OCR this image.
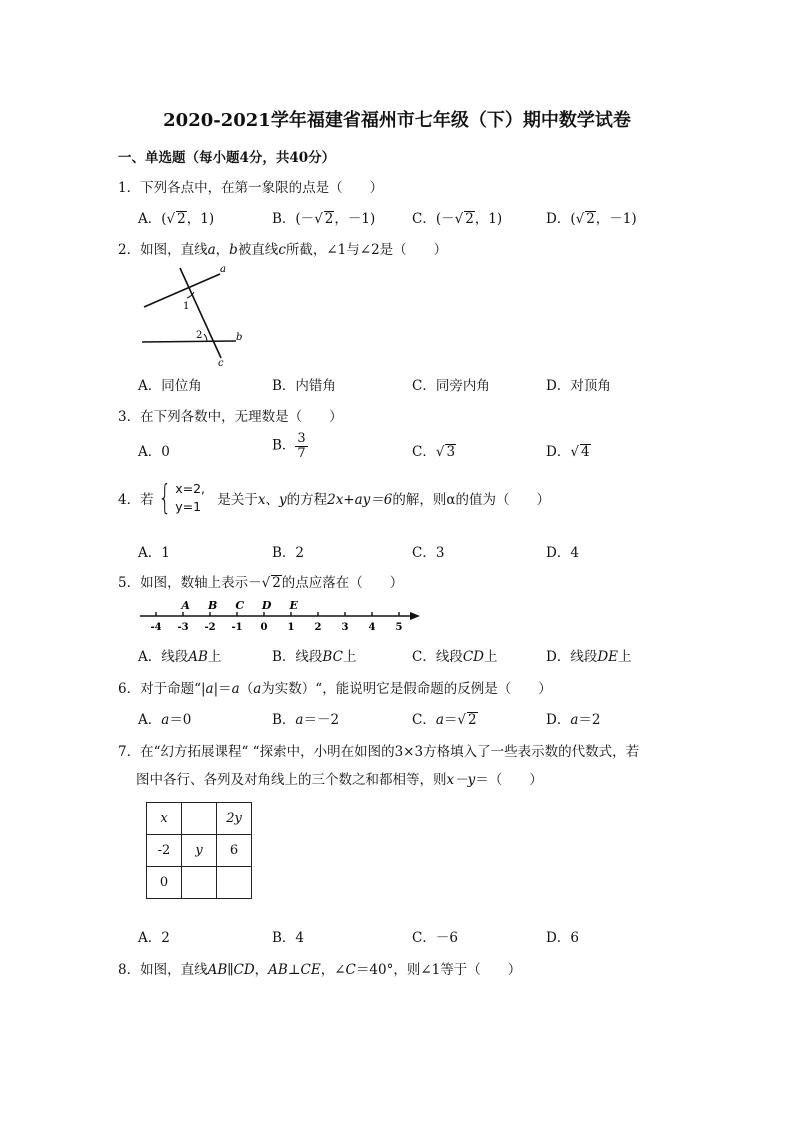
2020-2021学年福建省福州市七年级（下）期中数学试卷
一、单选题（每小题4分，共40分）
1．下列各点中，在第一象限的点是（　　）
A．(√ 2，1)	B．(－√ 2，－1)	C．(－√ 2，1)	D．(√ 2，－1)
2．如图，直线a，b被直线c所截，∠1与∠2是（　　）
a
b
c
1
2
A．同位角	B．内错角	C．同旁内角	D．对顶角
3．在下列各数中，无理数是（　　）
A．0	B． $\frac{3}{7}$	C．√ 3	D．√ 4
4．若 { x=2,
y=1 是关于x、y的方程2x+ay＝6的解，则α的值为（　　）
A．1	B．2	C．3	D．4
5．如图，数轴上表示－√ 2的点应落在（　　）
-4 -3 -2 -1 0 1 2 3 4 5
A B C D E
A．线段AB上	B．线段BC上	C．线段CD上	D．线段DE上
6．对于命题“|a|＝a（a为实数）“，能说明它是假命题的反例是（　　）
A．a＝0	B．a＝－2	C．a＝√ 2	D．a＝2
7．在“幻方拓展课程“ “探索中，小明在如图的3×3方格填入了一些表示数的代数式，若
图中各行、各列及对角线上的三个数之和都相等，则x－y＝（　　）
x		2y
-2	y	6
0		
A．2	B．4	C．－6	D．6
8．如图，直线AB∥CD，AB⊥CE，∠C＝40°，则∠1等于（　　）
